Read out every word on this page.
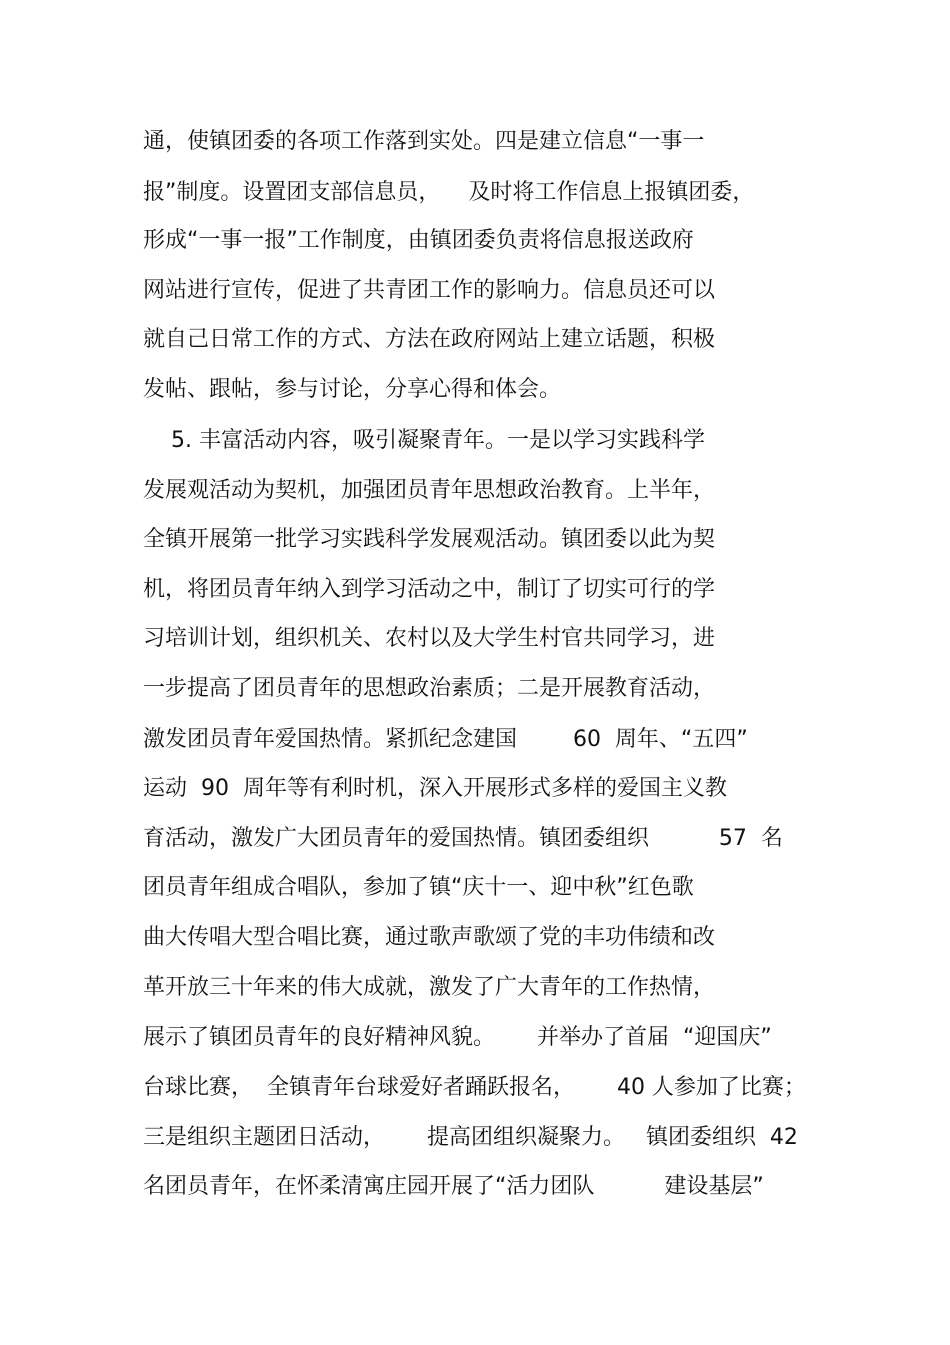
通，使镇团委的各项工作落到实处。四是建立信息“一事一

报”制度。设置团支部信息员，    及时将工作信息上报镇团委，

形成“一事一报”工作制度，由镇团委负责将信息报送政府

网站进行宣传，促进了共青团工作的影响力。信息员还可以

就自己日常工作的方式、方法在政府网站上建立话题，积极

发帖、跟帖，参与讨论，分享心得和体会。

5. 丰富活动内容，吸引凝聚青年。一是以学习实践科学

发展观活动为契机，加强团员青年思想政治教育。上半年，

全镇开展第一批学习实践科学发展观活动。镇团委以此为契

机，将团员青年纳入到学习活动之中，制订了切实可行的学

习培训计划，组织机关、农村以及大学生村官共同学习，进

一步提高了团员青年的思想政治素质；二是开展教育活动，

激发团员青年爱国热情。紧抓纪念建国        60  周年、“五四”

运动  90  周年等有利时机，深入开展形式多样的爱国主义教

育活动，激发广大团员青年的爱国热情。镇团委组织          57  名

团员青年组成合唱队，参加了镇“庆十一、迎中秋”红色歌

曲大传唱大型合唱比赛，通过歌声歌颂了党的丰功伟绩和改

革开放三十年来的伟大成就，激发了广大青年的工作热情，

展示了镇团员青年的良好精神风貌。      并举办了首届  “迎国庆”

台球比赛，  全镇青年台球爱好者踊跃报名，      40 人参加了比赛；

三是组织主题团日活动，      提高团组织凝聚力。   镇团委组织  42

名团员青年，在怀柔清寓庄园开展了“活力团队          建设基层”
